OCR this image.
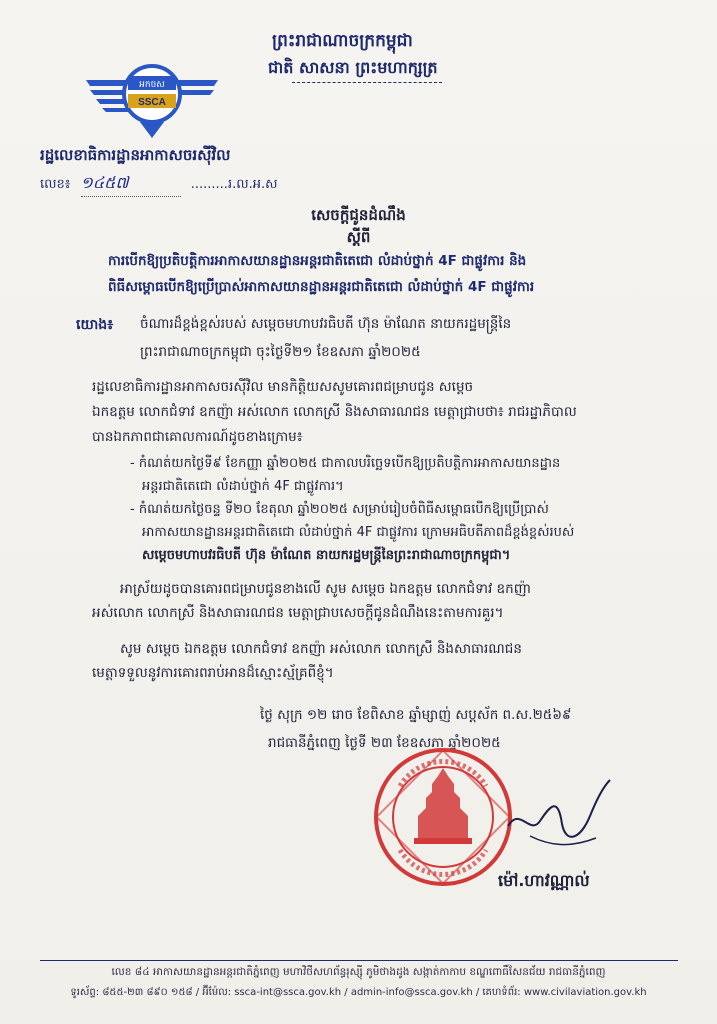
ព្រះរាជាណាចក្រកម្ពុជា
ជាតិ សាសនា ព្រះមហាក្សត្រ
អកចស
SSCA
រដ្ឋលេខាធិការដ្ឋានអាកាសចរស៊ីវិល
លេខ៖ ១៤៥៧	.........រ.ល.អ.ស
សេចក្តីជូនដំណឹង
ស្តីពី
ការបើកឱ្យប្រតិបត្តិការអាកាសយានដ្ឋានអន្តរជាតិតេជោ លំដាប់ថ្នាក់ 4F ជាផ្លូវការ និង
ពិធីសម្ពោធបើកឱ្យប្រើប្រាស់អាកាសយានដ្ឋានអន្តរជាតិតេជោ លំដាប់ថ្នាក់ 4F ជាផ្លូវការ
យោង៖ ចំណារដ៏ខ្ពង់ខ្ពស់របស់ សម្តេចមហាបវរធិបតី ហ៊ុន ម៉ាណែត នាយករដ្ឋមន្ត្រីនៃ
ព្រះរាជាណាចក្រកម្ពុជា ចុះថ្ងៃទី២១ ខែឧសភា ឆ្នាំ២០២៥
រដ្ឋលេខាធិការដ្ឋានអាកាសចរស៊ីវិល មានកិត្តិយសសូមគោរពជម្រាបជូន សម្តេច
ឯកឧត្តម លោកជំទាវ ឧកញ៉ា អស់លោក លោកស្រី និងសាធារណជន មេត្តាជ្រាបថា៖ រាជរដ្ឋាភិបាល
បានឯកភាពជាគោលការណ៍ដូចខាងក្រោម៖
- កំណត់យកថ្ងៃទី៩ ខែកញ្ញា ឆ្នាំ២០២៥ ជាកាលបរិច្ឆេទបើកឱ្យប្រតិបត្តិការអាកាសយានដ្ឋាន
អន្តរជាតិតេជោ លំដាប់ថ្នាក់ 4F ជាផ្លូវការ។
- កំណត់យកថ្ងៃចន្ទ ទី២០ ខែតុលា ឆ្នាំ២០២៥ សម្រាប់រៀបចំពិធីសម្ពោធបើកឱ្យប្រើប្រាស់
អាកាសយានដ្ឋានអន្តរជាតិតេជោ លំដាប់ថ្នាក់ 4F ជាផ្លូវការ ក្រោមអធិបតីភាពដ៏ខ្ពង់ខ្ពស់របស់
សម្តេចមហាបវរធិបតី ហ៊ុន ម៉ាណែត នាយករដ្ឋមន្ត្រីនៃព្រះរាជាណាចក្រកម្ពុជា។
អាស្រ័យដូចបានគោរពជម្រាបជូនខាងលើ សូម សម្តេច ឯកឧត្តម លោកជំទាវ ឧកញ៉ា
អស់លោក លោកស្រី និងសាធារណជន មេត្តាជ្រាបសេចក្តីជូនដំណឹងនេះតាមការគួរ។
សូម សម្តេច ឯកឧត្តម លោកជំទាវ ឧកញ៉ា អស់លោក លោកស្រី និងសាធារណជន
មេត្តាទទួលនូវការគោរពរាប់អានដ៏ស្មោះស្ម័គ្រពីខ្ញុំ។
ថ្ងៃ សុក្រ ១២ រោច ខែពិសាខ ឆ្នាំម្សាញ់ សប្តស័ក ព.ស.២៥៦៩
រាជធានីភ្នំពេញ ថ្ងៃទី ២៣ ខែឧសភា ឆ្នាំ២០២៥
ម៉ៅ.ហាវណ្ណាល់
លេខ ៨៤ អាកាសយានដ្ឋានអន្តរជាតិភ្នំពេញ មហាវិថីសហព័ន្ធរុស្ស៊ី ភូមិថាងដូង សង្កាត់កាកាប ខណ្ឌពោធិ៍សែនជ័យ រាជធានីភ្នំពេញ
ទូរស័ព្ទ: ៨៥៥-២៣ ៨៩០ ១៥៨ / អ៊ីម៉ែល: ssca-int@ssca.gov.kh / admin-info@ssca.gov.kh / គេហទំព័រ: www.civilaviation.gov.kh
